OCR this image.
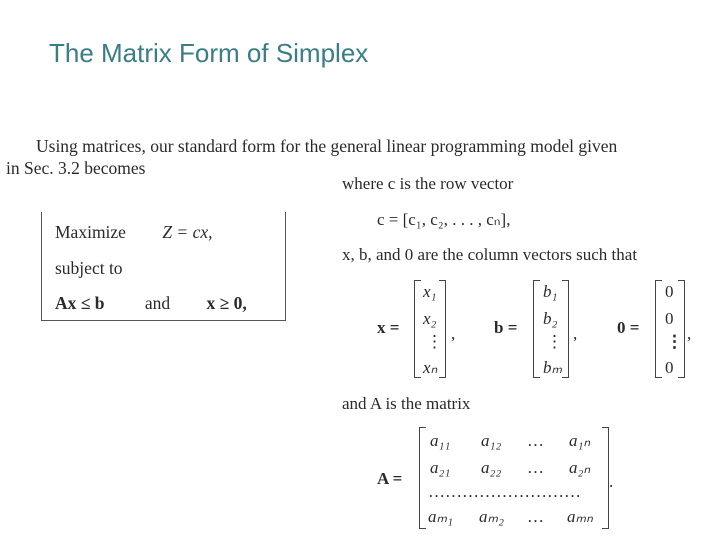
The Matrix Form of Simplex
Using matrices, our standard form for the general linear programming model given
in Sec. 3.2 becomes
Maximize Z = cx,
subject to
Ax ≤ b and x ≥ 0,
where c is the row vector
c = [c₁, c₂, . . . , cₙ],
x, b, and 0 are the column vectors such that
x =
x₁
x₂
⋮
xₙ
, b =
b₁
b₂
⋮
bₘ
, 0 =
0
0
⋮
0
,
and A is the matrix
A =
a₁₁ a₁₂ … a₁ₙ
a₂₁ a₂₂ … a₂ₙ
………………………
aₘ₁ aₘ₂ … aₘₙ
.
